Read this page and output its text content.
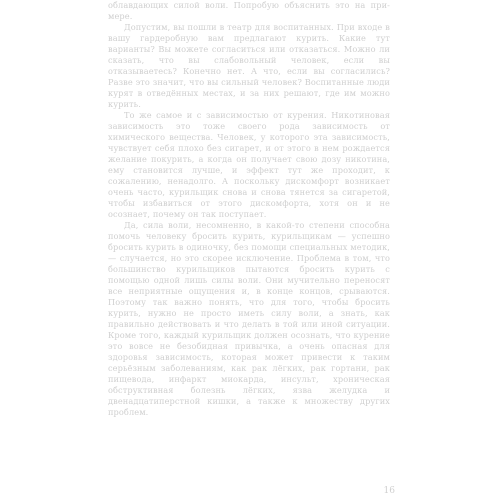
облавдающих силой воли. Попробую объяснить это на при- мере.

Допустим, вы пошли в театр для воспитанных. При входе в вашу гардеробную вам предлагают курить. Какие тут варианты? Вы можете согласиться или отказаться. Можно ли сказать, что вы слабовольный человек, если вы отказываетесь? Конечно нет. А что, если вы согласились? Разве это значит, что вы сильный человек? Воспитанные люди курят в отведённых местах, и за них решают, где им можно курить.

То же самое и с зависимостью от курения. Никотиновая зависимость это тоже своего рода зависимость от химического вещества. Человек, у которого эта зависимость, чувствует себя плохо без сигарет, и от этого в нем рождается желание покурить, а когда он получает свою дозу никотина, ему становится лучше, и эффект тут же проходит, к сожалению, ненадолго. А поскольку дискомфорт возникает очень часто, курильщик снова и снова тянется за сигаретой, чтобы избавиться от этого дискомфорта, хотя он и не осознает, почему он так поступает.

Да, сила воли, несомненно, в какой-то степени способна помочь человеку бросить курить, курильщикам — успешно бросить курить в одиночку, без помощи специальных методик, — случается, но это скорее исключение. Проблема в том, что большинство курильщиков пытаются бросить курить с помощью одной лишь силы воли. Они мучительно переносят все неприятные ощущения и, в конце концов, срываются. Поэтому так важно понять, что для того, чтобы бросить курить, нужно не просто иметь силу воли, а знать, как правильно действовать и что делать в той или иной ситуации. Кроме того, каждый курильщик должен осознать, что курение это вовсе не безобидная привычка, а очень опасная для здоровья зависимость, которая может привести к таким серьёзным заболеваниям, как рак лёгких, рак гортани, рак пищевода, инфаркт миокарда, инсульт, хроническая обструктивная болезнь лёгких, язва желудка и двенадцатиперстной кишки, а также к множеству других проблем.

16
